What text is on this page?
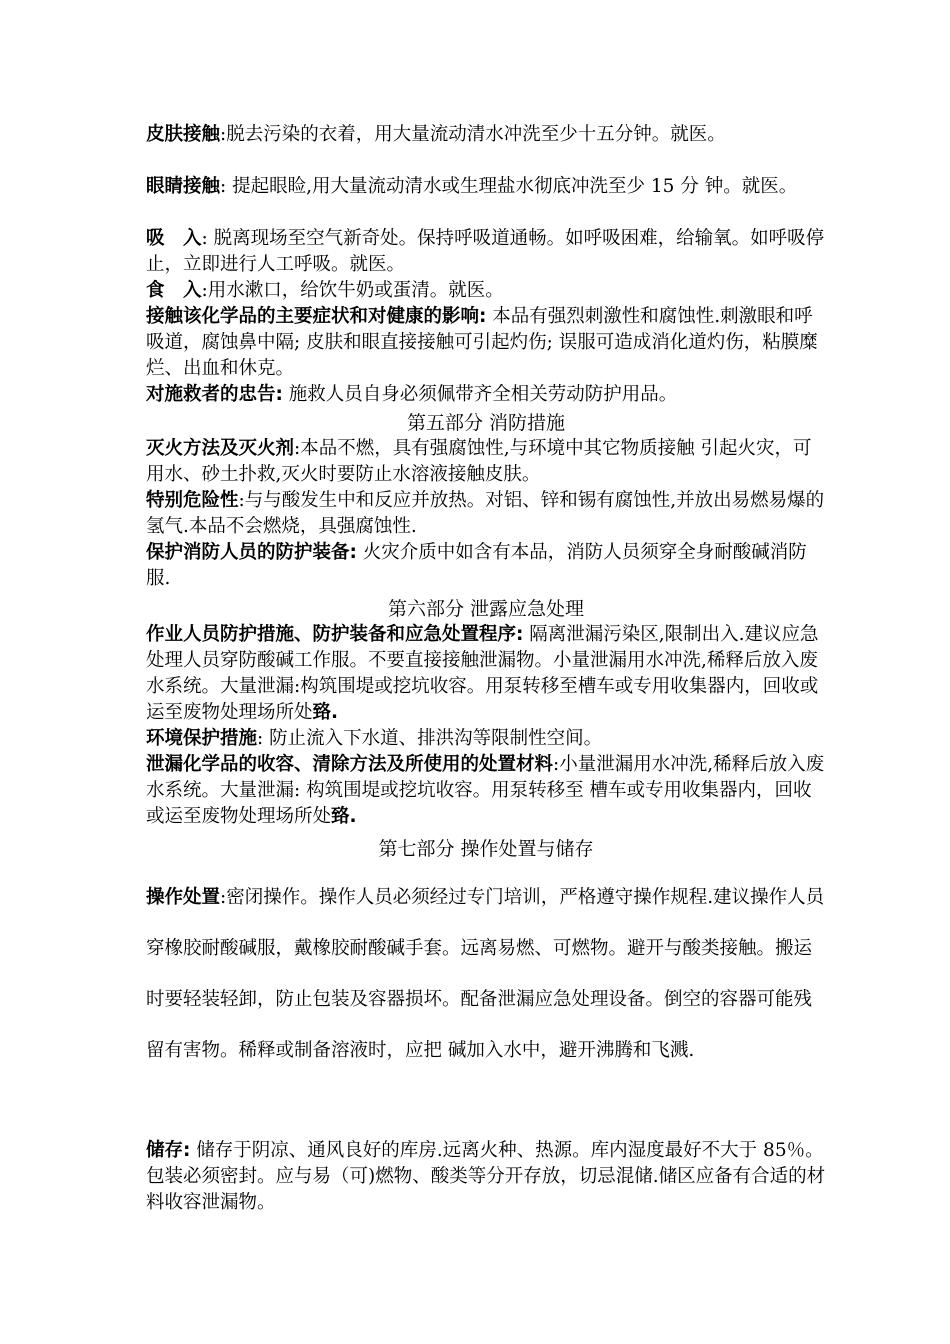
皮肤接触:脱去污染的衣着，用大量流动清水冲洗至少十五分钟。就医。
眼睛接触: 提起眼睑,用大量流动清水或生理盐水彻底冲洗至少 15 分 钟。就医。
吸　入: 脱离现场至空气新奇处。保持呼吸道通畅。如呼吸困难，给输氧。如呼吸停止，立即进行人工呼吸。就医。
食　入:用水漱口，给饮牛奶或蛋清。就医。
接触该化学品的主要症状和对健康的影响: 本品有强烈刺激性和腐蚀性.刺激眼和呼吸道，腐蚀鼻中隔; 皮肤和眼直接接触可引起灼伤; 误服可造成消化道灼伤，粘膜糜烂、出血和休克。
对施救者的忠告: 施救人员自身必须佩带齐全相关劳动防护用品。
第五部分 消防措施
灭火方法及灭火剂:本品不燃，具有强腐蚀性,与环境中其它物质接触 引起火灾，可用水、砂土扑救,灭火时要防止水溶液接触皮肤。
特别危险性:与与酸发生中和反应并放热。对铝、锌和锡有腐蚀性,并放出易燃易爆的氢气.本品不会燃烧，具强腐蚀性.
保护消防人员的防护装备: 火灾介质中如含有本品，消防人员须穿全身耐酸碱消防服.
第六部分 泄露应急处理
作业人员防护措施、防护装备和应急处置程序: 隔离泄漏污染区,限制出入.建议应急处理人员穿防酸碱工作服。不要直接接触泄漏物。小量泄漏用水冲洗,稀释后放入废水系统。大量泄漏:构筑围堤或挖坑收容。用泵转移至槽车或专用收集器内，回收或运至废物处理场所处臵.
环境保护措施: 防止流入下水道、排洪沟等限制性空间。
泄漏化学品的收容、清除方法及所使用的处置材料:小量泄漏用水冲洗,稀释后放入废水系统。大量泄漏: 构筑围堤或挖坑收容。用泵转移至 槽车或专用收集器内，回收或运至废物处理场所处臵.
第七部分 操作处置与储存
操作处置:密闭操作。操作人员必须经过专门培训，严格遵守操作规程.建议操作人员穿橡胶耐酸碱服，戴橡胶耐酸碱手套。远离易燃、可燃物。避开与酸类接触。搬运时要轻装轻卸，防止包装及容器损坏。配备泄漏应急处理设备。倒空的容器可能残留有害物。稀释或制备溶液时，应把 碱加入水中，避开沸腾和飞溅.
储存: 储存于阴凉、通风良好的库房.远离火种、热源。库内湿度最好不大于 85％。包装必须密封。应与易（可)燃物、酸类等分开存放，切忌混储.储区应备有合适的材料收容泄漏物。
